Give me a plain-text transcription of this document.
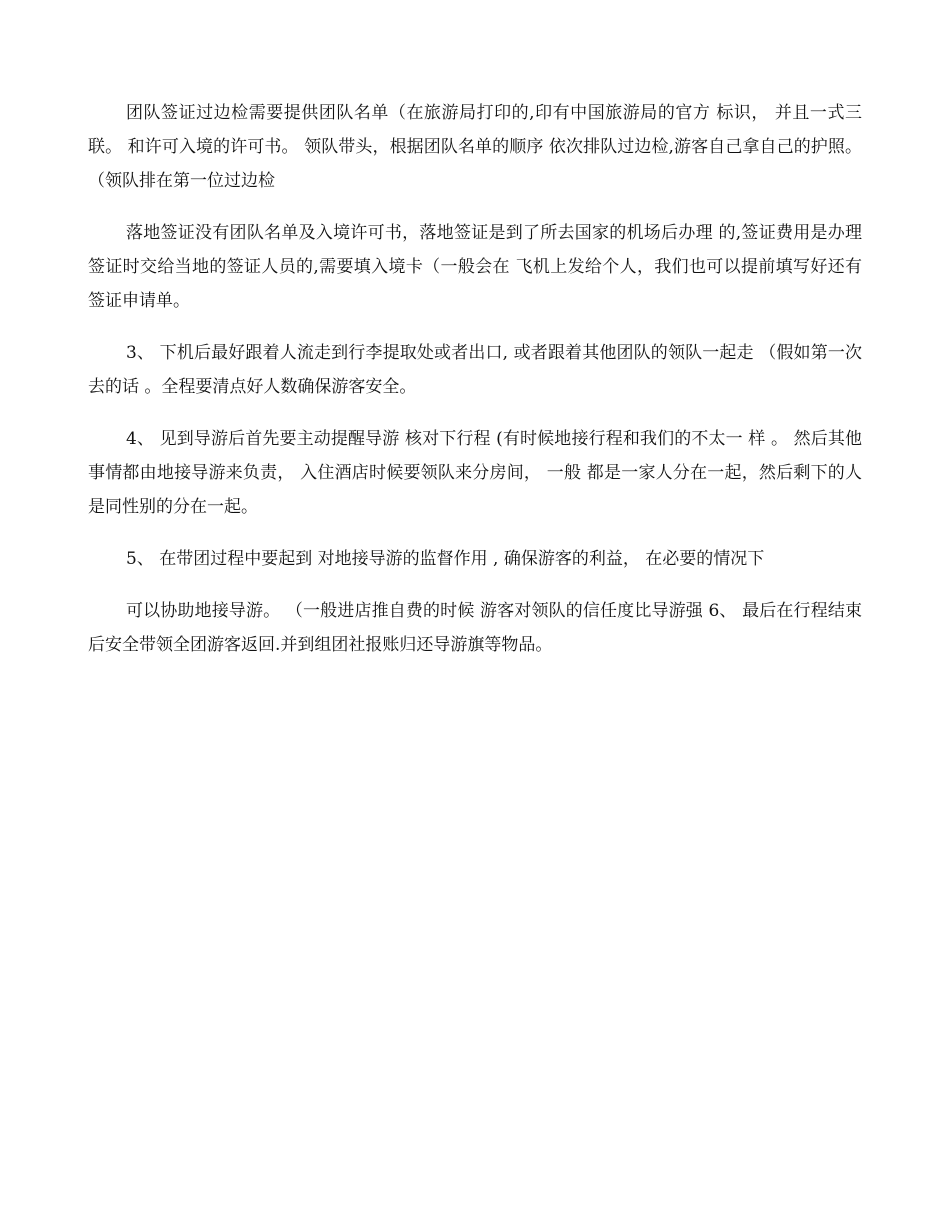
团队签证过边检需要提供团队名单（在旅游局打印的,印有中国旅游局的官方 标识， 并且一式三联。 和许可入境的许可书。 领队带头，根据团队名单的顺序 依次排队过边检,游客自己拿自己的护照。 （领队排在第一位过边检

落地签证没有团队名单及入境许可书，落地签证是到了所去国家的机场后办理 的,签证费用是办理签证时交给当地的签证人员的,需要填入境卡（一般会在 飞机上发给个人，我们也可以提前填写好还有签证申请单。

3、 下机后最好跟着人流走到行李提取处或者出口, 或者跟着其他团队的领队一起走 （假如第一次去的话 。全程要清点好人数确保游客安全。

4、 见到导游后首先要主动提醒导游 核对下行程 (有时候地接行程和我们的不太一 样 。 然后其他事情都由地接导游来负责， 入住酒店时候要领队来分房间， 一般 都是一家人分在一起，然后剩下的人是同性别的分在一起。

5、 在带团过程中要起到 对地接导游的监督作用 , 确保游客的利益， 在必要的情况下

可以协助地接导游。 （一般进店推自费的时候 游客对领队的信任度比导游强 6、 最后在行程结束后安全带领全团游客返回.并到组团社报账归还导游旗等物品。
